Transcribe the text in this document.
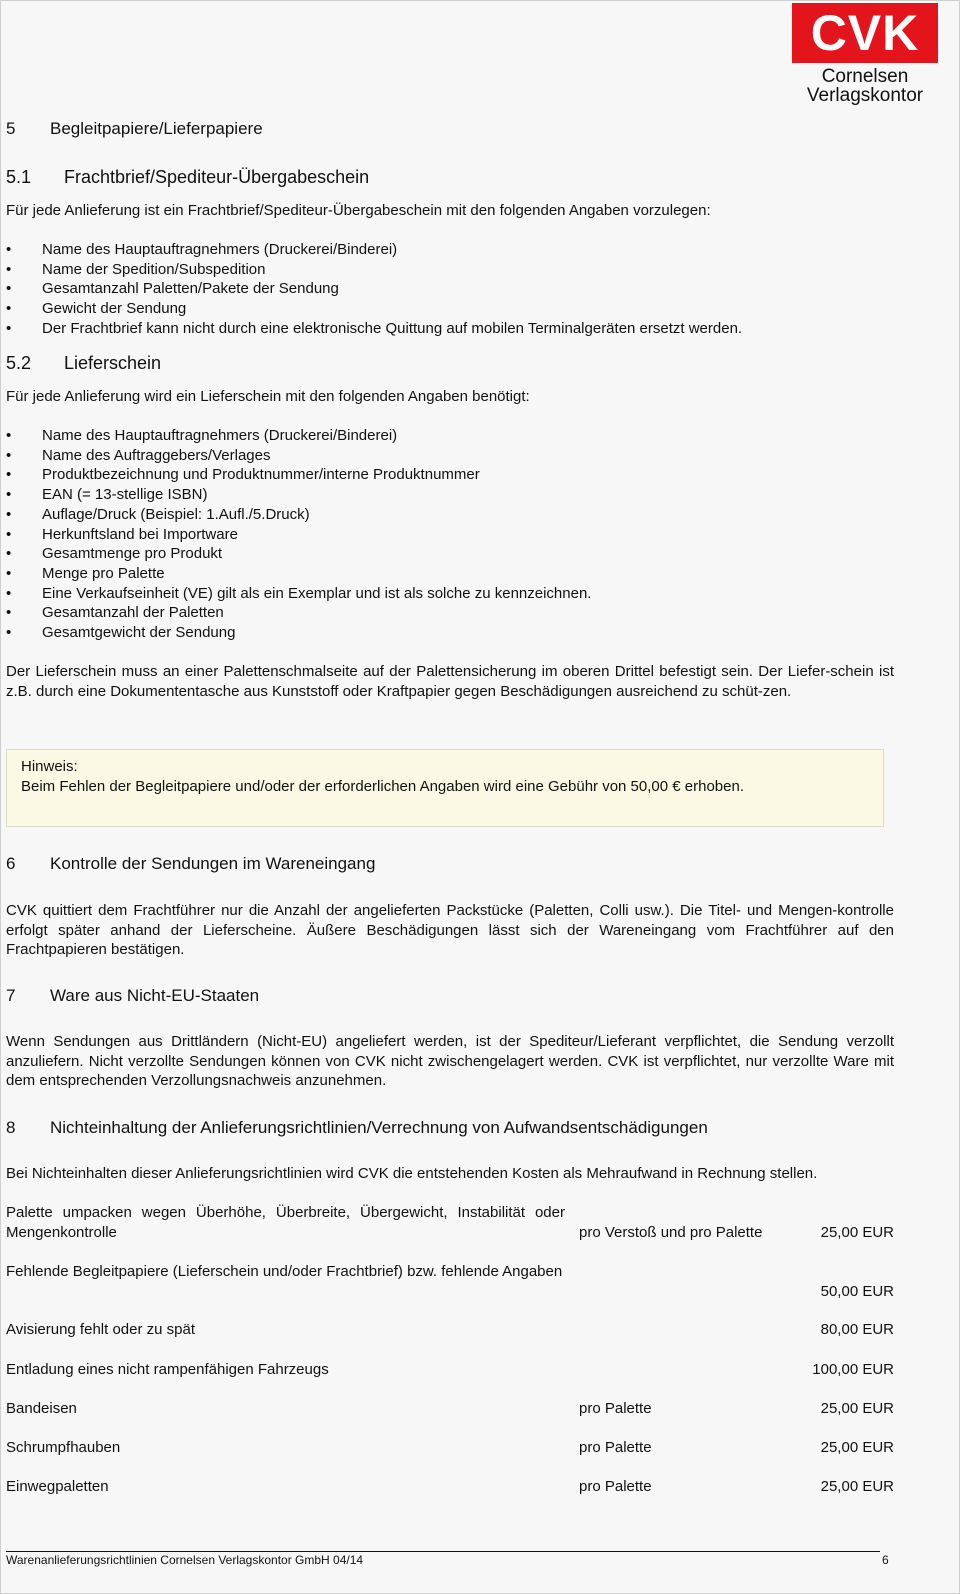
CVK
Cornelsen
Verlagskontor
5 Begleitpapiere/Lieferpapiere
5.1 Frachtbrief/Spediteur-Übergabeschein

Für jede Anlieferung ist ein Frachtbrief/Spediteur-Übergabeschein mit den folgenden Angaben vorzulegen:

• Name des Hauptauftragnehmers (Druckerei/Binderei)
• Name der Spedition/Subspedition
• Gesamtanzahl Paletten/Pakete der Sendung
• Gewicht der Sendung
• Der Frachtbrief kann nicht durch eine elektronische Quittung auf mobilen Terminalgeräten ersetzt werden.
5.2 Lieferschein

Für jede Anlieferung wird ein Lieferschein mit den folgenden Angaben benötigt:

• Name des Hauptauftragnehmers (Druckerei/Binderei)
• Name des Auftraggebers/Verlages
• Produktbezeichnung und Produktnummer/interne Produktnummer
• EAN (= 13-stellige ISBN)
• Auflage/Druck (Beispiel: 1.Aufl./5.Druck)
• Herkunftsland bei Importware
• Gesamtmenge pro Produkt
• Menge pro Palette
• Eine Verkaufseinheit (VE) gilt als ein Exemplar und ist als solche zu kennzeichnen.
• Gesamtanzahl der Paletten
• Gesamtgewicht der Sendung

Der Lieferschein muss an einer Palettenschmalseite auf der Palettensicherung im oberen Drittel befestigt sein. Der Liefer-schein ist z.B. durch eine Dokumententasche aus Kunststoff oder Kraftpapier gegen Beschädigungen ausreichend zu schüt-zen.

Hinweis:
Beim Fehlen der Begleitpapiere und/oder der erforderlichen Angaben wird eine Gebühr von 50,00 € erhoben.
6 Kontrolle der Sendungen im Wareneingang

CVK quittiert dem Frachtführer nur die Anzahl der angelieferten Packstücke (Paletten, Colli usw.). Die Titel- und Mengen-kontrolle erfolgt später anhand der Lieferscheine. Äußere Beschädigungen lässt sich der Wareneingang vom Frachtführer auf den Frachtpapieren bestätigen.

7 Ware aus Nicht-EU-Staaten

Wenn Sendungen aus Drittländern (Nicht-EU) angeliefert werden, ist der Spediteur/Lieferant verpflichtet, die Sendung verzollt anzuliefern. Nicht verzollte Sendungen können von CVK nicht zwischengelagert werden. CVK ist verpflichtet, nur verzollte Ware mit dem entsprechenden Verzollungsnachweis anzunehmen.

8 Nichteinhaltung der Anlieferungsrichtlinien/Verrechnung von Aufwandsentschädigungen

Bei Nichteinhalten dieser Anlieferungsrichtlinien wird CVK die entstehenden Kosten als Mehraufwand in Rechnung stellen.

Palette umpacken wegen Überhöhe, Überbreite, Übergewicht, Instabilität oder Mengenkontrolle	pro Verstoß und pro Palette	25,00 EUR
Fehlende Begleitpapiere (Lieferschein und/oder Frachtbrief) bzw. fehlende Angaben
50,00 EUR
Avisierung fehlt oder zu spät	80,00 EUR
Entladung eines nicht rampenfähigen Fahrzeugs	100,00 EUR
Bandeisen	pro Palette	25,00 EUR
Schrumpfhauben	pro Palette	25,00 EUR
Einwegpaletten	pro Palette	25,00 EUR
Warenanlieferungsrichtlinien Cornelsen Verlagskontor GmbH 04/14	6
